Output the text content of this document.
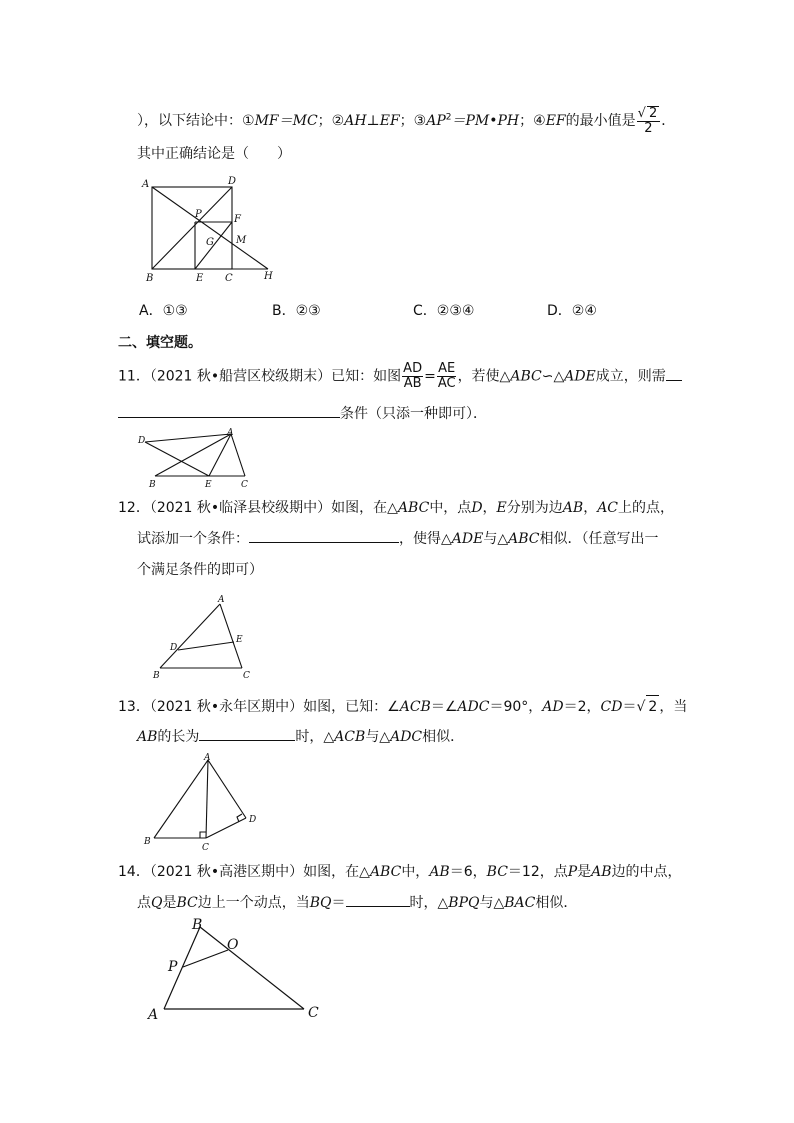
），以下结论中：①MF＝MC；②AH⊥EF；$③AP^2=PM•PH$；④EF的最小值是 $\frac{√ 2}{2}$ ．
其中正确结论是（　　）
A	D
P	F
G M
B	E C	H
A．①③	B．②③	C．②③④	D．②④
二、填空题。
11．（2021 秋•船营区校级期末）已知：如图 $\frac{AD}{AB} = \frac{AE}{AC}$ ，若使△ABC∽△ADE成立，则需
条件（只添一种即可）．
D
A
B	E	C
12．（2021 秋•临泽县校级期中）如图，在△ABC中，点D，E分别为边AB，AC上的点，
试添加一个条件：	，使得△ADE与△ABC相似．（任意写出一
个满足条件的即可）
A
D
E
B	C
13．（2021 秋•永年区期中）如图，已知：∠ACB＝∠ADC＝90°，AD＝2，CD＝√ 2 ，当
AB的长为	时，△ACB与△ADC相似．
A
B
C
D
14．（2021 秋•高港区期中）如图，在△ABC中，AB＝6，BC＝12，点P是AB边的中点，
点Q是BC边上一个动点，当BQ＝	时，△BPQ与△BAC相似．
B
O
P
A	C
